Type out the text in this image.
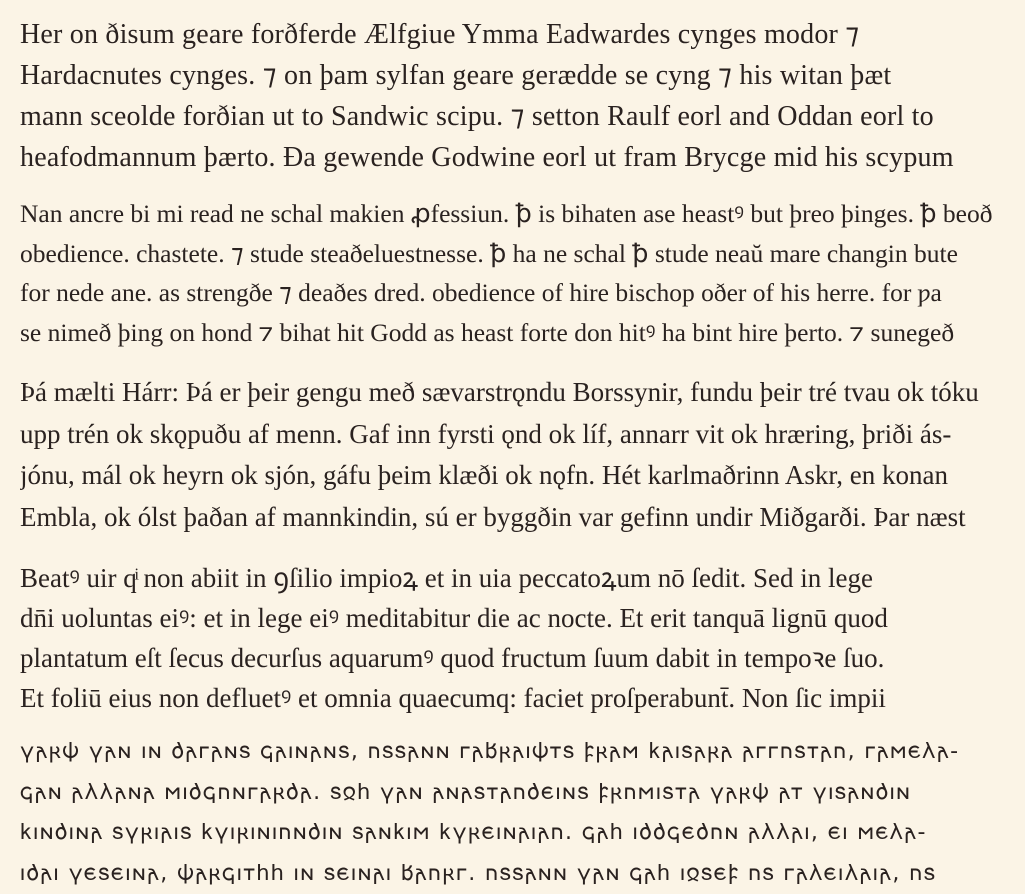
Her on ðisum geare forðferde Ælfgiue Ymma Eadwardes cynges modor ⁊
Hardacnutes cynges. ⁊ on þam sylfan geare gerædde se cyng ⁊ his witan þæt
mann sceolde forðian ut to Sandwic scipu. ⁊ setton Raulf eorl and Oddan eorl to
heafodmannum þærto. Ða gewende Godwine eorl ut fram Brycge mid his scypum

Nan ancre bi mi read ne schal makien ꝓfessiun. ꝥ is bihaten ase heastꝰ but þreo þinges. ꝥ beoð
obedience. chastete. ⁊ stude steaðeluestnesse. ꝥ ha ne schal ꝥ stude neaŭ mare changin bute
for nede ane. as strengðe ⁊ deaðes dred. obedience of hire bischop oðer of his herre. for ƿa
se nimeð þing on hond ⁊ bihat hit Godd as heast forte don hitꝰ ha bint hire þerto. ⁊ sunegeð

Þá mælti Hárr: Þá er þeir gengu með sævarstrǫndu Borssynir, fundu þeir tré tvau ok tóku
upp trén ok skǫpuðu af menn. Gaf inn fyrsti ǫnd ok líf, annarr vit ok hræring, þriði ás-
jónu, mál ok heyrn ok sjón, gáfu þeim klæði ok nǫfn. Hét karlmaðrinn Askr, en konan
Embla, ok ólst þaðan af mannkindin, sú er byggðin var gefinn undir Miðgarði. Þar næst

Beatꝰ uir qͥ non abiit in ꝯſilio impioꝝ et in uia peccatoꝝum nō ſedit. Sed in lege
dn̄i uoluntas eiꝰ: et in lege eiꝰ meditabitur die ac nocte. Et erit tanquā lignū quod
plantatum eſt ſecus decurſus aquarumꝰ quod fructum ſuum dabit in tempoꝛe ſuo.
Et foliū eius non defluetꝰ et omnia quaecumq: faciet proſperabunt̄. Non ſic impii

𐍅𐌰𐍂𐌸 𐍅𐌰𐌽 𐌹𐌽 𐌳𐌰𐌲𐌰𐌽𐍃 𐌾𐌰𐌹𐌽𐌰𐌽𐍃, 𐌿𐍃𐍃𐌰𐌽𐌽 𐌲𐌰𐌱𐍂𐌰𐌹𐌸𐍄𐍃 𐍆𐍂𐌰𐌼 𐌺𐌰𐌹𐍃𐌰𐍂𐌰 𐌰𐌲𐌲𐌿𐍃𐍄𐌰𐌿, 𐌲𐌰𐌼𐌴𐌻𐌰-
𐌾𐌰𐌽 𐌰𐌻𐌻𐌰𐌽𐌰 𐌼𐌹𐌳𐌾𐌿𐌽𐌲𐌰𐍂𐌳𐌰. 𐍃𐍉𐌷 𐍅𐌰𐌽 𐌰𐌽𐌰𐍃𐍄𐌰𐌿𐌳𐌴𐌹𐌽𐍃 𐍆𐍂𐌿𐌼𐌹𐍃𐍄𐌰 𐍅𐌰𐍂𐌸 𐌰𐍄 𐍅𐌹𐍃𐌰𐌽𐌳𐌹𐌽
𐌺𐌹𐌽𐌳𐌹𐌽𐌰 𐍃𐍅𐍂𐌹𐌰𐌹𐍃 𐌺𐍅𐌹𐍂𐌹𐌽𐌹𐌿𐌽𐌳𐌹𐌽 𐍃𐌰𐌽𐌺𐌹𐌼 𐌺𐍅𐍂𐌴𐌹𐌽𐌰𐌹𐌰𐌿. 𐌾𐌰𐌷 𐌹𐌳𐌳𐌾𐌴𐌳𐌿𐌽 𐌰𐌻𐌻𐌰𐌹, 𐌴𐌹 𐌼𐌴𐌻𐌰-
𐌹𐌳𐌰𐌹 𐍅𐌴𐍃𐌴𐌹𐌽𐌰, 𐌸𐌰𐍂𐌾𐌹𐍄𐌷𐌷 𐌹𐌽 𐍃𐌴𐌹𐌽𐌰𐌹 𐌱𐌰𐌿𐍂𐌲. 𐌿𐍃𐍃𐌰𐌽𐌽 𐍅𐌰𐌽 𐌾𐌰𐌷 𐌹𐍉𐍃𐌴𐍆 𐌿𐍃 𐌲𐌰𐌻𐌴𐌹𐌻𐌰𐌹𐌰, 𐌿𐍃
